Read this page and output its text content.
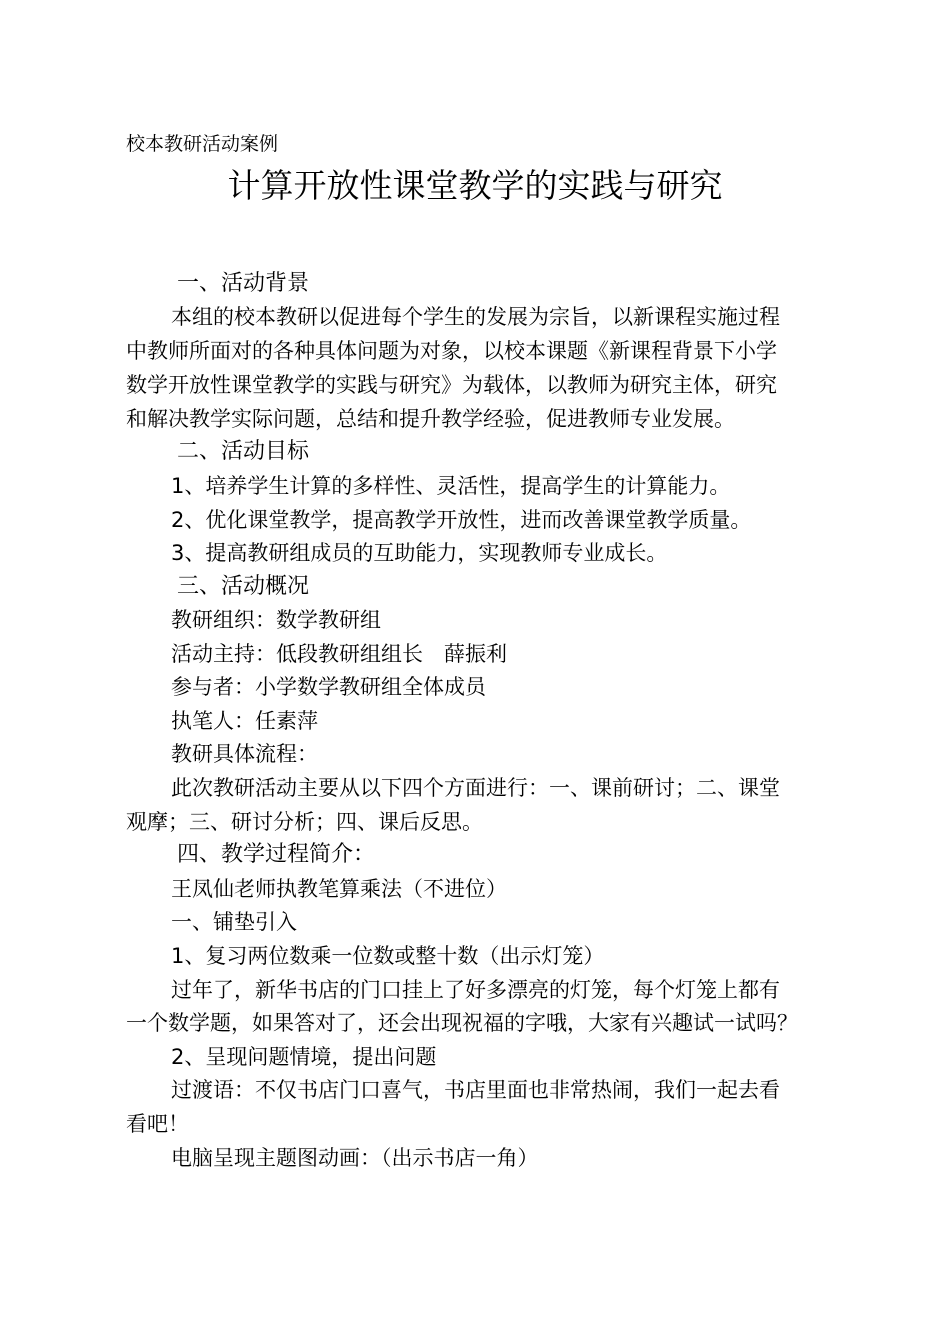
校本教研活动案例
计算开放性课堂教学的实践与研究
一、活动背景
本组的校本教研以促进每个学生的发展为宗旨，以新课程实施过程
中教师所面对的各种具体问题为对象，以校本课题《新课程背景下小学
数学开放性课堂教学的实践与研究》为载体，以教师为研究主体，研究
和解决教学实际问题，总结和提升教学经验，促进教师专业发展。
二、活动目标
1、培养学生计算的多样性、灵活性，提高学生的计算能力。
2、优化课堂教学，提高教学开放性，进而改善课堂教学质量。
3、提高教研组成员的互助能力，实现教师专业成长。
三、活动概况
教研组织：数学教研组
活动主持：低段教研组组长　薛振利
参与者：小学数学教研组全体成员
执笔人：任素萍
教研具体流程：
此次教研活动主要从以下四个方面进行：一、课前研讨；二、课堂
观摩；三、研讨分析；四、课后反思。
四、教学过程简介：
王凤仙老师执教笔算乘法（不进位）
一、铺垫引入
1、复习两位数乘一位数或整十数（出示灯笼）
过年了，新华书店的门口挂上了好多漂亮的灯笼，每个灯笼上都有
一个数学题，如果答对了，还会出现祝福的字哦，大家有兴趣试一试吗？
2、呈现问题情境，提出问题
过渡语：不仅书店门口喜气，书店里面也非常热闹，我们一起去看
看吧！
电脑呈现主题图动画：（出示书店一角）
